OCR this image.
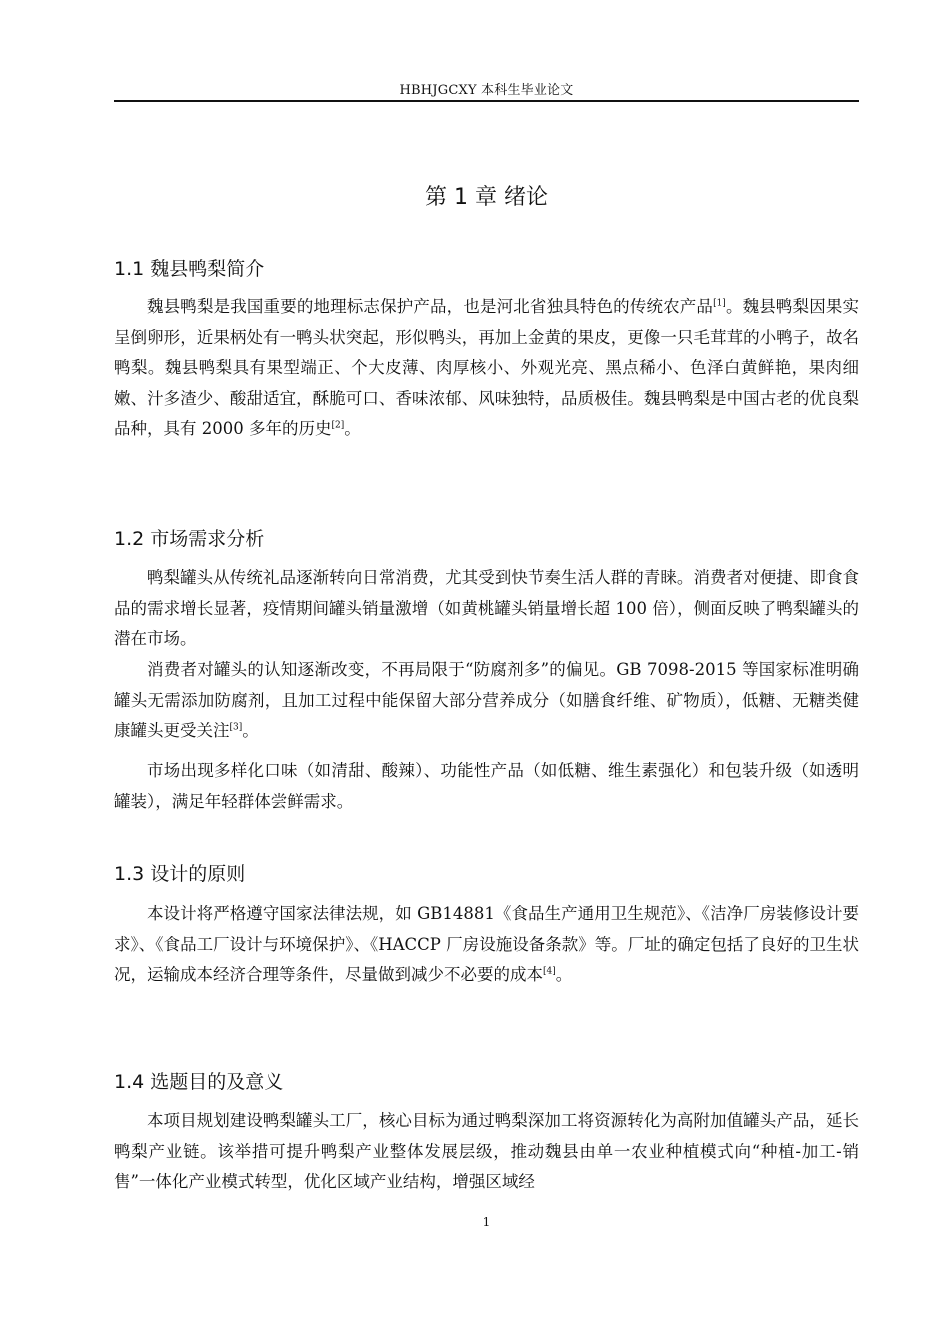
HBHJGCXY 本科生毕业论文
第 1 章 绪论
1.1 魏县鸭梨简介

魏县鸭梨是我国重要的地理标志保护产品，也是河北省独具特色的传统农产品[1]。魏县鸭梨因果实呈倒卵形，近果柄处有一鸭头状突起，形似鸭头，再加上金黄的果皮，更像一只毛茸茸的小鸭子，故名鸭梨。魏县鸭梨具有果型端正、个大皮薄、肉厚核小、外观光亮、黑点稀小、色泽白黄鲜艳，果肉细嫩、汁多渣少、酸甜适宜，酥脆可口、香味浓郁、风味独特，品质极佳。魏县鸭梨是中国古老的优良梨品种，具有 2000 多年的历史[2]。

1.2 市场需求分析

鸭梨罐头从传统礼品逐渐转向日常消费，尤其受到快节奏生活人群的青睐。消费者对便捷、即食食品的需求增长显著，疫情期间罐头销量激增（如黄桃罐头销量增长超 100 倍），侧面反映了鸭梨罐头的潜在市场。

消费者对罐头的认知逐渐改变，不再局限于“防腐剂多”的偏见。GB 7098-2015 等国家标准明确罐头无需添加防腐剂，且加工过程中能保留大部分营养成分（如膳食纤维、矿物质），低糖、无糖类健康罐头更受关注[3]。

市场出现多样化口味（如清甜、酸辣）、功能性产品（如低糖、维生素强化）和包装升级（如透明罐装），满足年轻群体尝鲜需求。

1.3 设计的原则

本设计将严格遵守国家法律法规，如 GB14881《食品生产通用卫生规范》、《洁净厂房装修设计要求》、《食品工厂设计与环境保护》、《HACCP 厂房设施设备条款》等。厂址的确定包括了良好的卫生状况，运输成本经济合理等条件，尽量做到减少不必要的成本[4]。

1.4 选题目的及意义

本项目规划建设鸭梨罐头工厂，核心目标为通过鸭梨深加工将资源转化为高附加值罐头产品，延长鸭梨产业链。该举措可提升鸭梨产业整体发展层级，推动魏县由单一农业种植模式向“种植-加工-销售”一体化产业模式转型，优化区域产业结构，增强区域经

1
